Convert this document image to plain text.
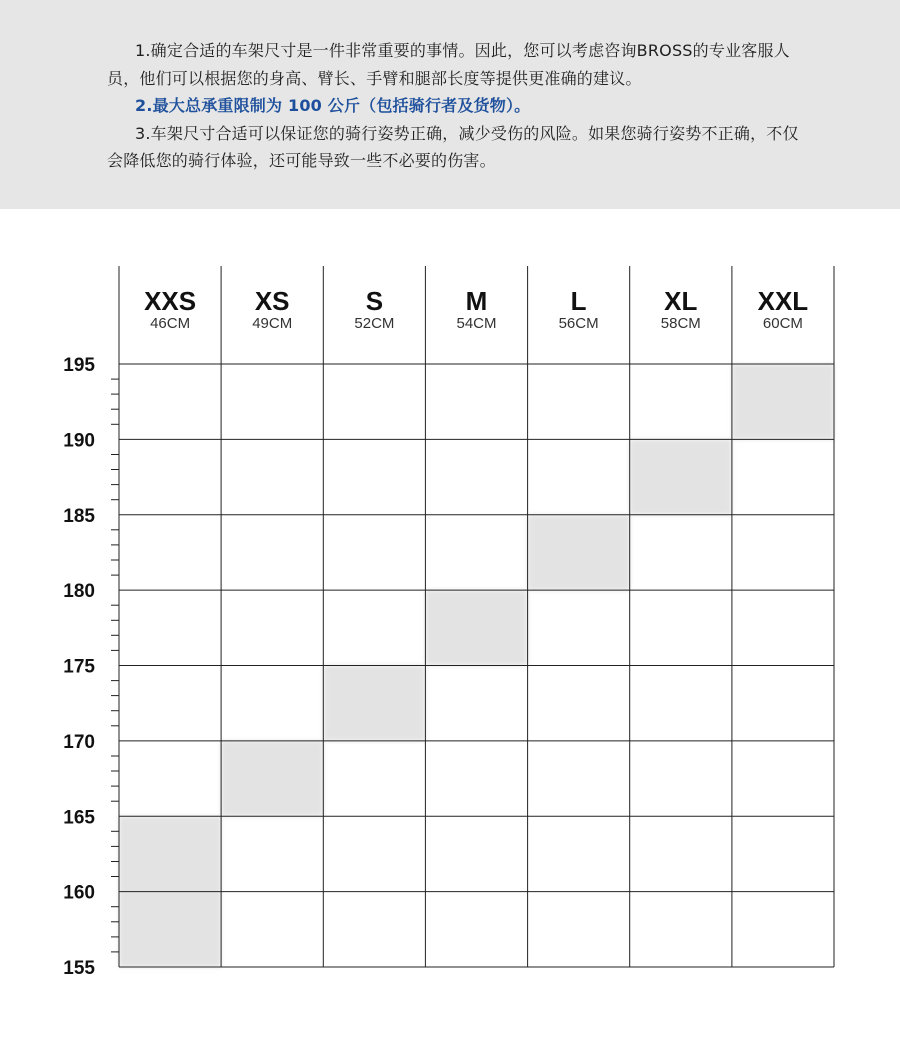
1.确定合适的车架尺寸是一件非常重要的事情。因此，您可以考虑咨询BROSS的专业客服人员，他们可以根据您的身高、臂长、手臂和腿部长度等提供更准确的建议。

2.最大总承重限制为 100 公斤（包括骑行者及货物）。

3.车架尺寸合适可以保证您的骑行姿势正确，减少受伤的风险。如果您骑行姿势不正确，不仅会降低您的骑行体验，还可能导致一些不必要的伤害。

XXS
46CM
XS
49CM
S
52CM
M
54CM
L
56CM
XL
58CM
XXL
60CM
155
160
165
170
175
180
185
190
195
